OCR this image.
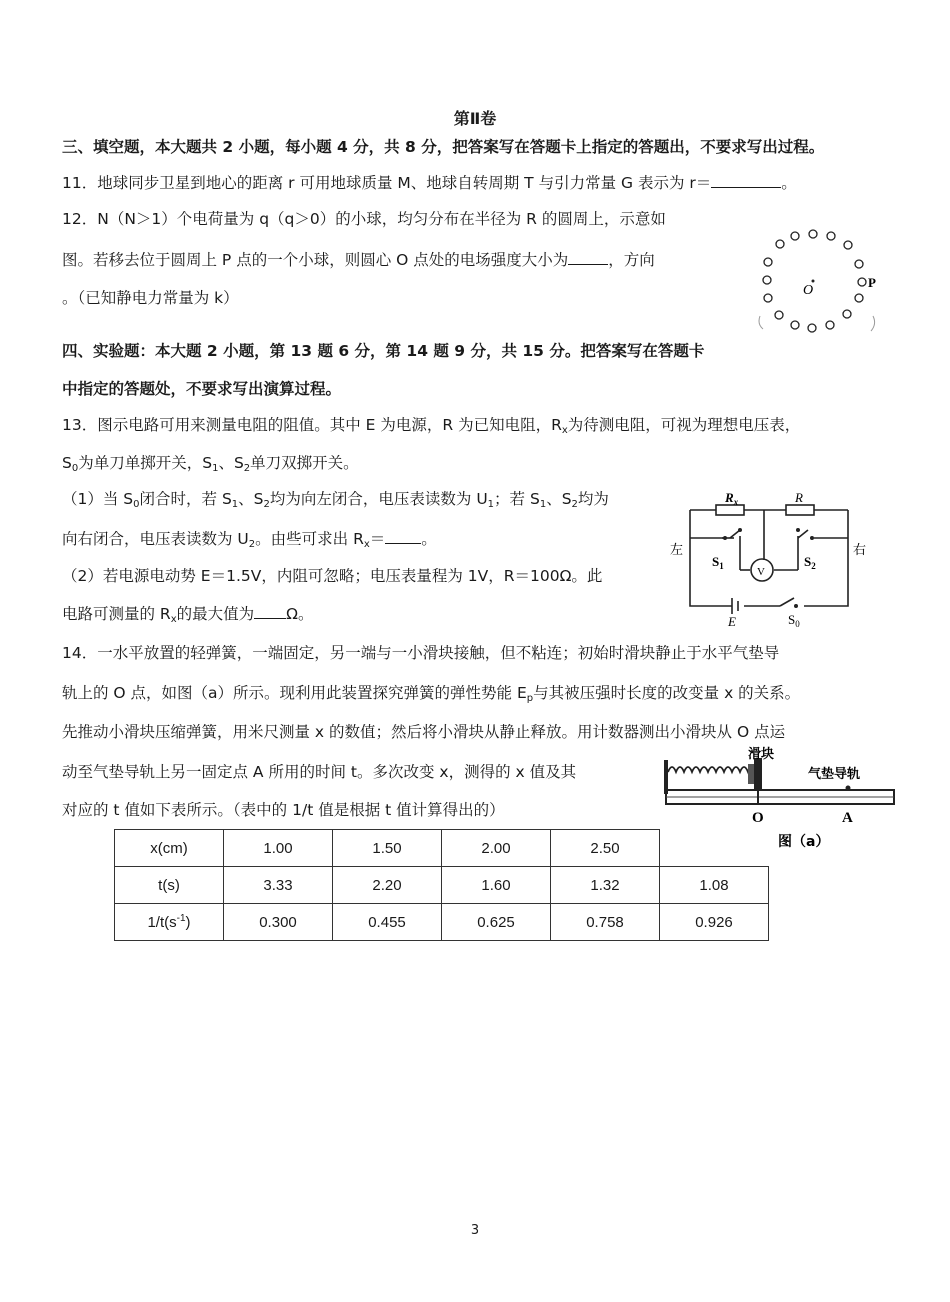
第Ⅱ卷
三、填空题，本大题共 2 小题，每小题 4 分，共 8 分，把答案写在答题卡上指定的答题出，不要求写出过程。
11．地球同步卫星到地心的距离 r 可用地球质量 M、地球自转周期 T 与引力常量 G 表示为 r＝	。
12．N（N＞1）个电荷量为 q（q＞0）的小球，均匀分布在半径为 R 的圆周上，示意如
图。若移去位于圆周上 P 点的一个小球，则圆心 O 点处的电场强度大小为	，方向
。（已知静电力常量为 k）	O
P
四、实验题：本大题 2 小题，第 13 题 6 分，第 14 题 9 分，共 15 分。把答案写在答题卡
中指定的答题处，不要求写出演算过程。
13．图示电路可用来测量电阻的阻值。其中 E 为电源，R 为已知电阻，$R_x$为待测电阻，可视为理想电压表，
$S_0$为单刀单掷开关，$S_1$、$S_2$单刀双掷开关。
（1）当 $S_0$闭合时，若 $S_1$、$S_2$均为向左闭合，电压表读数为 $U_1$；若 $S_1$、$S_2$均为
向右闭合，电压表读数为 $U_2$。由些可求出 $R_x=$ 。
（2）若电源电动势 E＝1.5V，内阻可忽略；电压表量程为 1V，R＝100Ω。此
电路可测量的 $R_x$的最大值为 Ω。
$R_x$	R
左	右
$S_1$	$S_2$
V
E	$S_0$
14．一水平放置的轻弹簧，一端固定，另一端与一小滑块接触，但不粘连；初始时滑块静止于水平气垫导
轨上的 O 点，如图（a）所示。现利用此装置探究弹簧的弹性势能 $E_p$与其被压强时长度的改变量 x 的关系。
先推动小滑块压缩弹簧，用米尺测量 x 的数值；然后将小滑块从静止释放。用计数器测出小滑块从 O 点运
动至气垫导轨上另一固定点 A 所用的时间 t。多次改变 x，测得的 x 值及其
对应的 t 值如下表所示。（表中的 1/t 值是根据 t 值计算得出的）
滑块
气垫导轨
O	A
图（a）
x(cm)	1.00	1.50	2.00	2.50	
t(s)	3.33	2.20	1.60	1.32	1.08
$1/t(s^{-1})$	0.300	0.455	0.625	0.758	0.926
3
